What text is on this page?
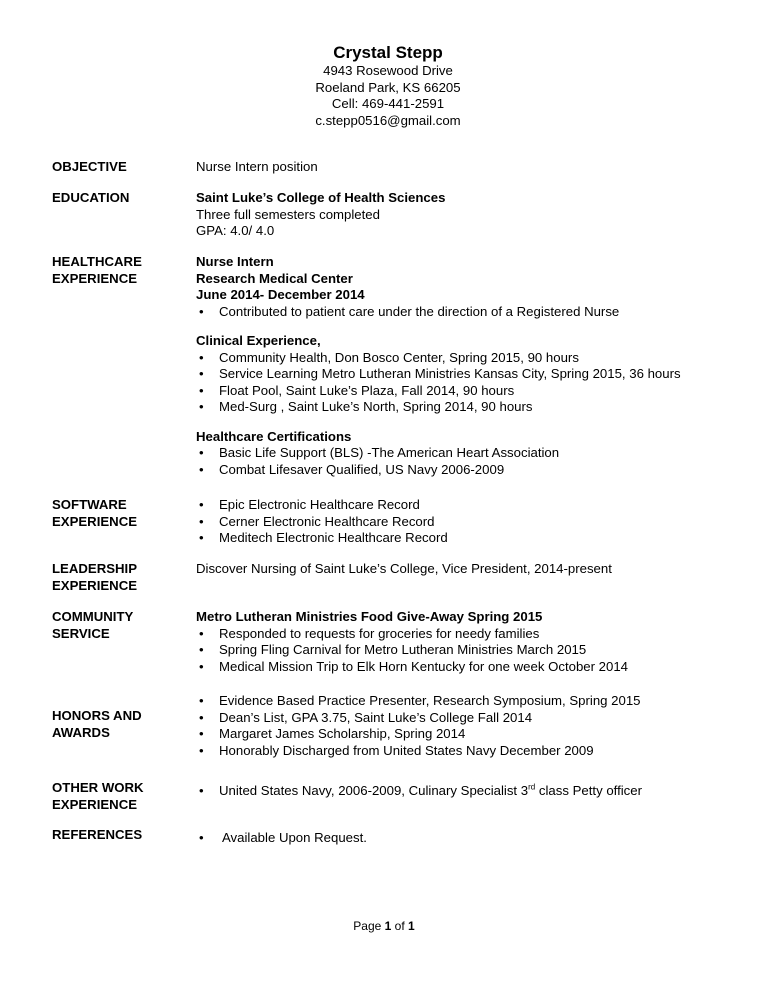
Crystal Stepp
4943 Rosewood Drive
Roeland Park, KS 66205
Cell: 469-441-2591
c.stepp0516@gmail.com
OBJECTIVE	Nurse Intern position
EDUCATION	Saint Luke’s College of Health Sciences
Three full semesters completed
GPA: 4.0/ 4.0
HEALTHCARE
EXPERIENCE
Nurse Intern
Research Medical Center
June 2014- December 2014
• Contributed to patient care under the direction of a Registered Nurse
Clinical Experience,
• Community Health, Don Bosco Center, Spring 2015, 90 hours
• Service Learning Metro Lutheran Ministries Kansas City, Spring 2015, 36 hours
• Float Pool, Saint Luke’s Plaza, Fall 2014, 90 hours
• Med-Surg , Saint Luke’s North, Spring 2014, 90 hours
Healthcare Certifications
• Basic Life Support (BLS) -The American Heart Association
• Combat Lifesaver Qualified, US Navy 2006-2009
SOFTWARE
EXPERIENCE
• Epic Electronic Healthcare Record
• Cerner Electronic Healthcare Record
• Meditech Electronic Healthcare Record
LEADERSHIP
EXPERIENCE
Discover Nursing of Saint Luke’s College, Vice President, 2014-present
COMMUNITY
SERVICE
Metro Lutheran Ministries Food Give-Away Spring 2015
• Responded to requests for groceries for needy families
• Spring Fling Carnival for Metro Lutheran Ministries March 2015
• Medical Mission Trip to Elk Horn Kentucky for one week October 2014
HONORS AND
AWARDS
• Evidence Based Practice Presenter, Research Symposium, Spring 2015
• Dean’s List, GPA 3.75, Saint Luke’s College Fall 2014
• Margaret James Scholarship, Spring 2014
• Honorably Discharged from United States Navy December 2009
OTHER WORK
EXPERIENCE
• United States Navy, 2006-2009, Culinary Specialist 3rd class Petty officer
REFERENCES
•	Available Upon Request.
Page 1 of 1
